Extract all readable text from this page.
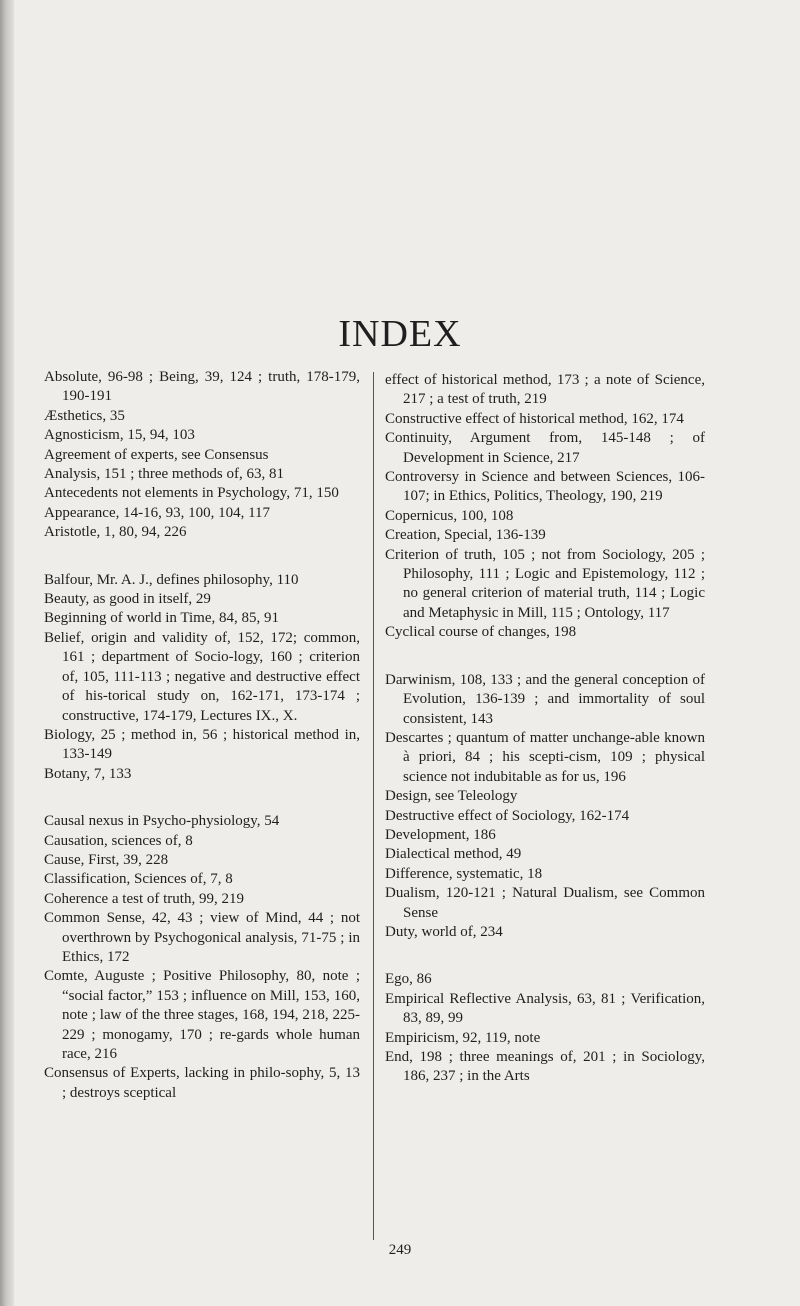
INDEX

Absolute, 96-98 ; Being, 39, 124 ; truth, 178-179, 190-191

Æsthetics, 35

Agnosticism, 15, 94, 103

Agreement of experts, see Consensus

Analysis, 151 ; three methods of, 63, 81

Antecedents not elements in Psychology, 71, 150

Appearance, 14-16, 93, 100, 104, 117

Aristotle, 1, 80, 94, 226

Balfour, Mr. A. J., defines philosophy, 110

Beauty, as good in itself, 29

Beginning of world in Time, 84, 85, 91

Belief, origin and validity of, 152, 172; common, 161 ; department of Socio-logy, 160 ; criterion of, 105, 111-113 ; negative and destructive effect of his-torical study on, 162-171, 173-174 ; constructive, 174-179, Lectures IX., X.

Biology, 25 ; method in, 56 ; historical method in, 133-149

Botany, 7, 133

Causal nexus in Psycho-physiology, 54

Causation, sciences of, 8

Cause, First, 39, 228

Classification, Sciences of, 7, 8

Coherence a test of truth, 99, 219

Common Sense, 42, 43 ; view of Mind, 44 ; not overthrown by Psychogonical analysis, 71-75 ; in Ethics, 172

Comte, Auguste ; Positive Philosophy, 80, note ; “social factor,” 153 ; influence on Mill, 153, 160, note ; law of the three stages, 168, 194, 218, 225-229 ; monogamy, 170 ; re-gards whole human race, 216

Consensus of Experts, lacking in philo-sophy, 5, 13 ; destroys sceptical

effect of historical method, 173 ; a note of Science, 217 ; a test of truth, 219

Constructive effect of historical method, 162, 174

Continuity, Argument from, 145-148 ; of Development in Science, 217

Controversy in Science and between Sciences, 106-107; in Ethics, Politics, Theology, 190, 219

Copernicus, 100, 108

Creation, Special, 136-139

Criterion of truth, 105 ; not from Sociology, 205 ; Philosophy, 111 ; Logic and Epistemology, 112 ; no general criterion of material truth, 114 ; Logic and Metaphysic in Mill, 115 ; Ontology, 117

Cyclical course of changes, 198

Darwinism, 108, 133 ; and the general conception of Evolution, 136-139 ; and immortality of soul consistent, 143

Descartes ; quantum of matter unchange-able known à priori, 84 ; his scepti-cism, 109 ; physical science not indubitable as for us, 196

Design, see Teleology

Destructive effect of Sociology, 162-174

Development, 186

Dialectical method, 49

Difference, systematic, 18

Dualism, 120-121 ; Natural Dualism, see Common Sense

Duty, world of, 234

Ego, 86

Empirical Reflective Analysis, 63, 81 ; Verification, 83, 89, 99

Empiricism, 92, 119, note

End, 198 ; three meanings of, 201 ; in Sociology, 186, 237 ; in the Arts

249
